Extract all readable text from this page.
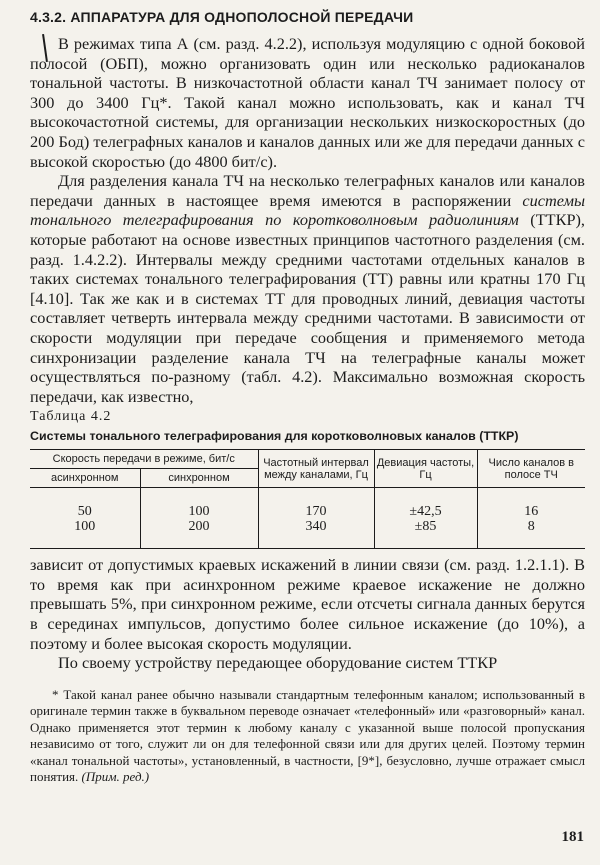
4.3.2. АППАРАТУРА ДЛЯ ОДНОПОЛОСНОЙ ПЕРЕДАЧИ

В режимах типа А (см. разд. 4.2.2), используя модуляцию с одной боковой полосой (ОБП), можно организовать один или несколько радиоканалов тональной частоты. В низкочастотной области канал ТЧ занимает полосу от 300 до 3400 Гц*. Такой канал можно использовать, как и канал ТЧ высокочастотной системы, для организации нескольких низкоскоростных (до 200 Бод) телеграфных каналов и каналов данных или же для передачи данных с высокой скоростью (до 4800 бит/с).

Для разделения канала ТЧ на несколько телеграфных каналов или каналов передачи данных в настоящее время имеются в распоряжении системы тонального телеграфирования по коротковолновым радиолиниям (ТТКР), которые работают на основе известных принципов частотного разделения (см. разд. 1.4.2.2). Интервалы между средними частотами отдельных каналов в таких системах тонального телеграфирования (ТТ) равны или кратны 170 Гц [4.10]. Так же как и в системах ТТ для проводных линий, девиация частоты составляет четверть интервала между средними частотами. В зависимости от скорости модуляции при передаче сообщения и применяемого метода синхронизации разделение канала ТЧ на телеграфные каналы может осуществляться по-разному (табл. 4.2). Максимально возможная скорость передачи, как известно,

Таблица 4.2
Системы тонального телеграфирования для коротковолновых каналов (ТТКР)
Скорость передачи в режиме, бит/с		Частотный интервал между каналами, Гц	Девиация частоты, Гц	Число каналов в полосе ТЧ
асинхронном	синхронном			

50	100	170	±42,5	16
100	200	340	±85	8

зависит от допустимых краевых искажений в линии связи (см. разд. 1.2.1.1). В то время как при асинхронном режиме краевое искажение не должно превышать 5%, при синхронном режиме, если отсчеты сигнала данных берутся в серединах импульсов, допустимо более сильное искажение (до 10%), а поэтому и более высокая скорость модуляции.

По своему устройству передающее оборудование систем ТТКР

* Такой канал ранее обычно называли стандартным телефонным каналом; использованный в оригинале термин также в буквальном переводе означает «телефонный» или «разговорный» канал. Однако применяется этот термин к любому каналу с указанной выше полосой пропускания независимо от того, служит ли он для телефонной связи или для других целей. Поэтому термин «канал тональной частоты», установленный, в частности, [9*], безусловно, лучше отражает смысл понятия. (Прим. ред.)

181
